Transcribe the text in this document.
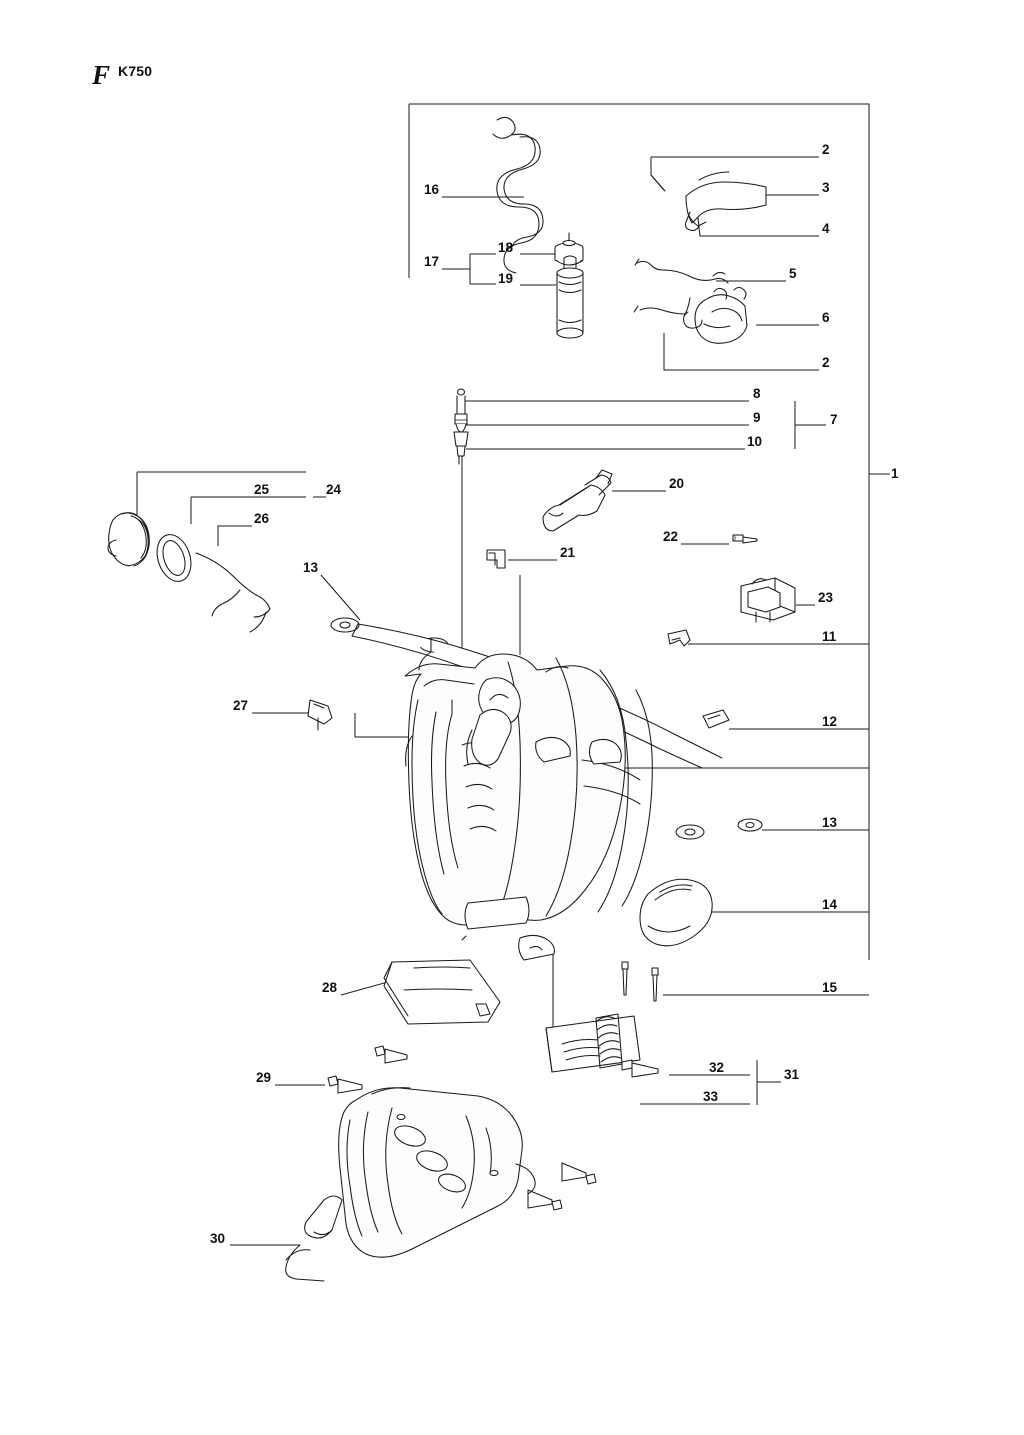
F K750
1
2
3
4
5
6
2
7
8
9
10
11
12
13
13
14
15
16
17
18
19
20
21
22
23
24
25
26
27
28
29
30
31
32
33
